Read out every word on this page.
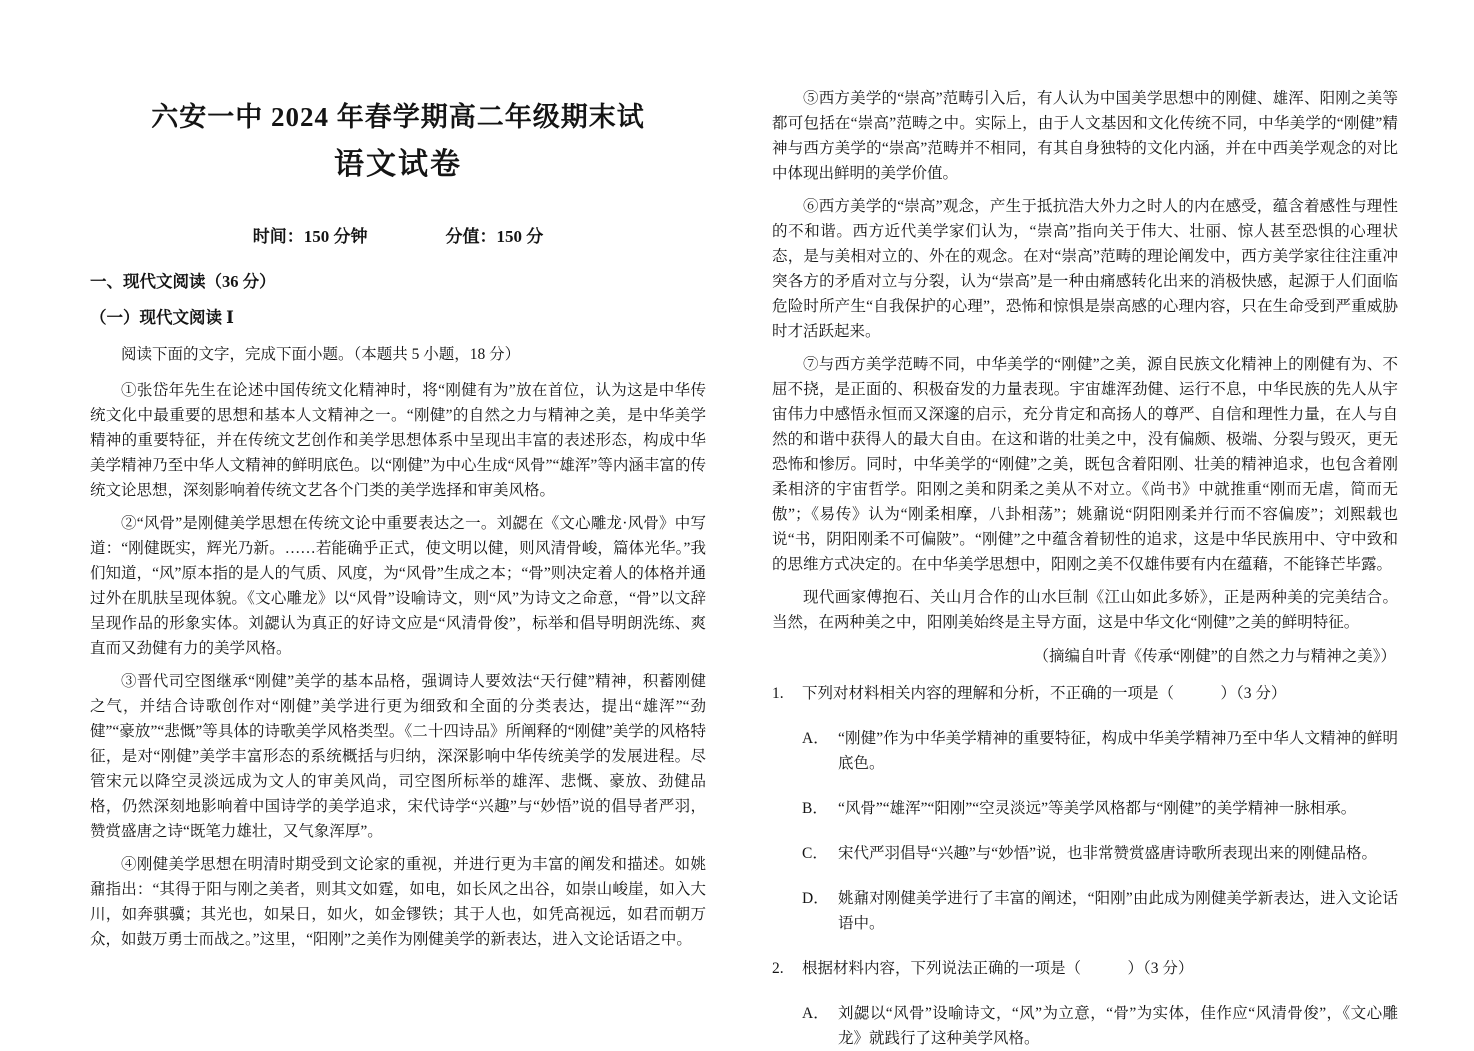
六安一中 2024 年春学期高二年级期末试
语文试卷
时间：150 分钟	分值：150 分
一、现代文阅读（36 分）
（一）现代文阅读 Ⅰ
阅读下面的文字，完成下面小题。（本题共 5 小题，18 分）

①张岱年先生在论述中国传统文化精神时，将“刚健有为”放在首位，认为这是中华传统文化中最重要的思想和基本人文精神之一。“刚健”的自然之力与精神之美，是中华美学精神的重要特征，并在传统文艺创作和美学思想体系中呈现出丰富的表述形态，构成中华美学精神乃至中华人文精神的鲜明底色。以“刚健”为中心生成“风骨”“雄浑”等内涵丰富的传统文论思想，深刻影响着传统文艺各个门类的美学选择和审美风格。

②“风骨”是刚健美学思想在传统文论中重要表达之一。刘勰在《文心雕龙·风骨》中写道：“刚健既实，辉光乃新。……若能确乎正式，使文明以健，则风清骨峻，篇体光华。”我们知道，“风”原本指的是人的气质、风度，为“风骨”生成之本；“骨”则决定着人的体格并通过外在肌肤呈现体貌。《文心雕龙》以“风骨”设喻诗文，则“风”为诗文之命意，“骨”以文辞呈现作品的形象实体。刘勰认为真正的好诗文应是“风清骨俊”，标举和倡导明朗洗练、爽直而又劲健有力的美学风格。

③晋代司空图继承“刚健”美学的基本品格，强调诗人要效法“天行健”精神，积蓄刚健之气，并结合诗歌创作对“刚健”美学进行更为细致和全面的分类表达，提出“雄浑”“劲健”“豪放”“悲慨”等具体的诗歌美学风格类型。《二十四诗品》所阐释的“刚健”美学的风格特征，是对“刚健”美学丰富形态的系统概括与归纳，深深影响中华传统美学的发展进程。尽管宋元以降空灵淡远成为文人的审美风尚，司空图所标举的雄浑、悲慨、豪放、劲健品格，仍然深刻地影响着中国诗学的美学追求，宋代诗学“兴趣”与“妙悟”说的倡导者严羽，赞赏盛唐之诗“既笔力雄壮，又气象浑厚”。

④刚健美学思想在明清时期受到文论家的重视，并进行更为丰富的阐发和描述。如姚鼐指出：“其得于阳与刚之美者，则其文如霆，如电，如长风之出谷，如崇山峻崖，如入大川，如奔骐骥；其光也，如杲日，如火，如金镠铁；其于人也，如凭高视远，如君而朝万众，如鼓万勇士而战之。”这里，“阳刚”之美作为刚健美学的新表达，进入文论话语之中。

⑤西方美学的“崇高”范畴引入后，有人认为中国美学思想中的刚健、雄浑、阳刚之美等都可包括在“崇高”范畴之中。实际上，由于人文基因和文化传统不同，中华美学的“刚健”精神与西方美学的“崇高”范畴并不相同，有其自身独特的文化内涵，并在中西美学观念的对比中体现出鲜明的美学价值。

⑥西方美学的“崇高”观念，产生于抵抗浩大外力之时人的内在感受，蕴含着感性与理性的不和谐。西方近代美学家们认为，“崇高”指向关于伟大、壮丽、惊人甚至恐惧的心理状态，是与美相对立的、外在的观念。在对“崇高”范畴的理论阐发中，西方美学家往往注重冲突各方的矛盾对立与分裂，认为“崇高”是一种由痛感转化出来的消极快感，起源于人们面临危险时所产生“自我保护的心理”，恐怖和惊惧是崇高感的心理内容，只在生命受到严重威胁时才活跃起来。

⑦与西方美学范畴不同，中华美学的“刚健”之美，源自民族文化精神上的刚健有为、不屈不挠，是正面的、积极奋发的力量表现。宇宙雄浑劲健、运行不息，中华民族的先人从宇宙伟力中感悟永恒而又深邃的启示，充分肯定和高扬人的尊严、自信和理性力量，在人与自然的和谐中获得人的最大自由。在这和谐的壮美之中，没有偏颇、极端、分裂与毁灭，更无恐怖和惨厉。同时，中华美学的“刚健”之美，既包含着阳刚、壮美的精神追求，也包含着刚柔相济的宇宙哲学。阳刚之美和阴柔之美从不对立。《尚书》中就推重“刚而无虐，简而无傲”；《易传》认为“刚柔相摩，八卦相荡”；姚鼐说“阴阳刚柔并行而不容偏废”；刘熙载也说“书，阴阳刚柔不可偏陂”。“刚健”之中蕴含着韧性的追求，这是中华民族用中、守中致和的思维方式决定的。在中华美学思想中，阳刚之美不仅雄伟要有内在蕴藉，不能锋芒毕露。

现代画家傅抱石、关山月合作的山水巨制《江山如此多娇》，正是两种美的完美结合。当然，在两种美之中，阳刚美始终是主导方面，这是中华文化“刚健”之美的鲜明特征。

（摘编自叶青《传承“刚健”的自然之力与精神之美》）
1.	下列对材料相关内容的理解和分析，不正确的一项是（　　　）（3 分）
A． “刚健”作为中华美学精神的重要特征，构成中华美学精神乃至中华人文精神的鲜明底色。
B． “风骨”“雄浑”“阳刚”“空灵淡远”等美学风格都与“刚健”的美学精神一脉相承。
C． 宋代严羽倡导“兴趣”与“妙悟”说，也非常赞赏盛唐诗歌所表现出来的刚健品格。
D． 姚鼐对刚健美学进行了丰富的阐述，“阳刚”由此成为刚健美学新表达，进入文论话语中。
2.	根据材料内容，下列说法正确的一项是（　　　）（3 分）
A． 刘勰以“风骨”设喻诗文，“风”为立意，“骨”为实体，佳作应“风清骨俊”，《文心雕龙》就践行了这种美学风格。
